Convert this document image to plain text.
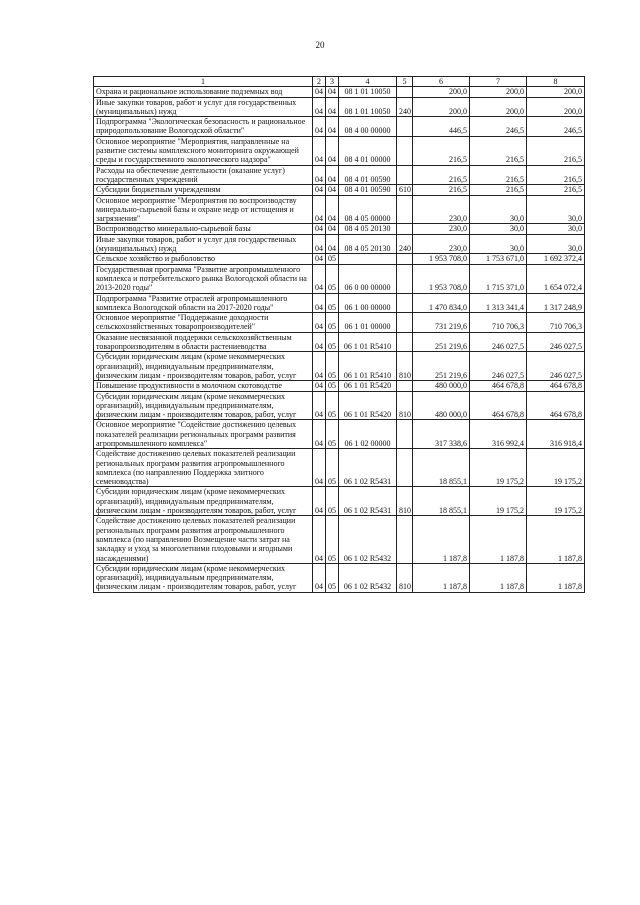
20
1	2	3	4	5	6	7	8
Охрана и рациональное использование подземных вод	04	04	08 1 01 10050		200,0	200,0	200,0
Иные закупки товаров, работ и услуг для государственных (муниципальных) нужд	04	04	08 1 01 10050	240	200,0	200,0	200,0
Подпрограмма "Экологическая безопасность и рациональное природопользование Вологодской области"	04	04	08 4 00 00000		446,5	246,5	246,5
Основное мероприятие "Мероприятия, направленные на развитие системы комплексного мониторинга окружающей среды и государственного экологического надзора"	04	04	08 4 01 00000		216,5	216,5	216,5
Расходы на обеспечение деятельности (оказание услуг) государственных учреждений	04	04	08 4 01 00590		216,5	216,5	216,5
Субсидии бюджетным учреждениям	04	04	08 4 01 00590	610	216,5	216,5	216,5
Основное мероприятие "Мероприятия по воспроизводству минерально-сырьевой базы и охране недр от истощения и загрязнения"	04	04	08 4 05 00000		230,0	30,0	30,0
Воспроизводство минерально-сырьевой базы	04	04	08 4 05 20130		230,0	30,0	30,0
Иные закупки товаров, работ и услуг для государственных (муниципальных) нужд	04	04	08 4 05 20130	240	230,0	30,0	30,0
Сельское хозяйство и рыболовство	04	05			1 953 708,0	1 753 671,0	1 692 372,4
Государственная программа "Развитие агропромышленного комплекса и потребительского рынка Вологодской области на 2013-2020 годы"	04	05	06 0 00 00000		1 953 708,0	1 715 371,0	1 654 072,4
Подпрограмма "Развитие отраслей агропромышленного комплекса Вологодской области на 2017-2020 годы"	04	05	06 1 00 00000		1 470 834,0	1 313 341,4	1 317 248,9
Основное мероприятие "Поддержание доходности сельскохозяйственных товаропроизводителей"	04	05	06 1 01 00000		731 219,6	710 706,3	710 706,3
Оказание несвязанной поддержки сельскохозяйственным товаропроизводителям в области растениеводства	04	05	06 1 01 R5410		251 219,6	246 027,5	246 027,5
Субсидии юридическим лицам (кроме некоммерческих организаций), индивидуальным предпринимателям, физическим лицам - производителям товаров, работ, услуг	04	05	06 1 01 R5410	810	251 219,6	246 027,5	246 027,5
Повышение продуктивности в молочном скотоводстве	04	05	06 1 01 R5420		480 000,0	464 678,8	464 678,8
Субсидии юридическим лицам (кроме некоммерческих организаций), индивидуальным предпринимателям, физическим лицам - производителям товаров, работ, услуг	04	05	06 1 01 R5420	810	480 000,0	464 678,8	464 678,8
Основное мероприятие "Содействие достижению целевых показателей реализации региональных программ развития агропромышленного комплекса"	04	05	06 1 02 00000		317 338,6	316 992,4	316 918,4
Содействие достижению целевых показателей реализации региональных программ развития агропромышленного комплекса (по направлению Поддержка элитного семеноводства)	04	05	06 1 02 R5431		18 855,1	19 175,2	19 175,2
Субсидии юридическим лицам (кроме некоммерческих организаций), индивидуальным предпринимателям, физическим лицам - производителям товаров, работ, услуг	04	05	06 1 02 R5431	810	18 855,1	19 175,2	19 175,2
Содействие достижению целевых показателей реализации региональных программ развития агропромышленного комплекса (по направлению Возмещение части затрат на закладку и уход за многолетними плодовыми и ягодными насаждениями)	04	05	06 1 02 R5432		1 187,8	1 187,8	1 187,8
Субсидии юридическим лицам (кроме некоммерческих организаций), индивидуальным предпринимателям, физическим лицам - производителям товаров, работ, услуг	04	05	06 1 02 R5432	810	1 187,8	1 187,8	1 187,8
